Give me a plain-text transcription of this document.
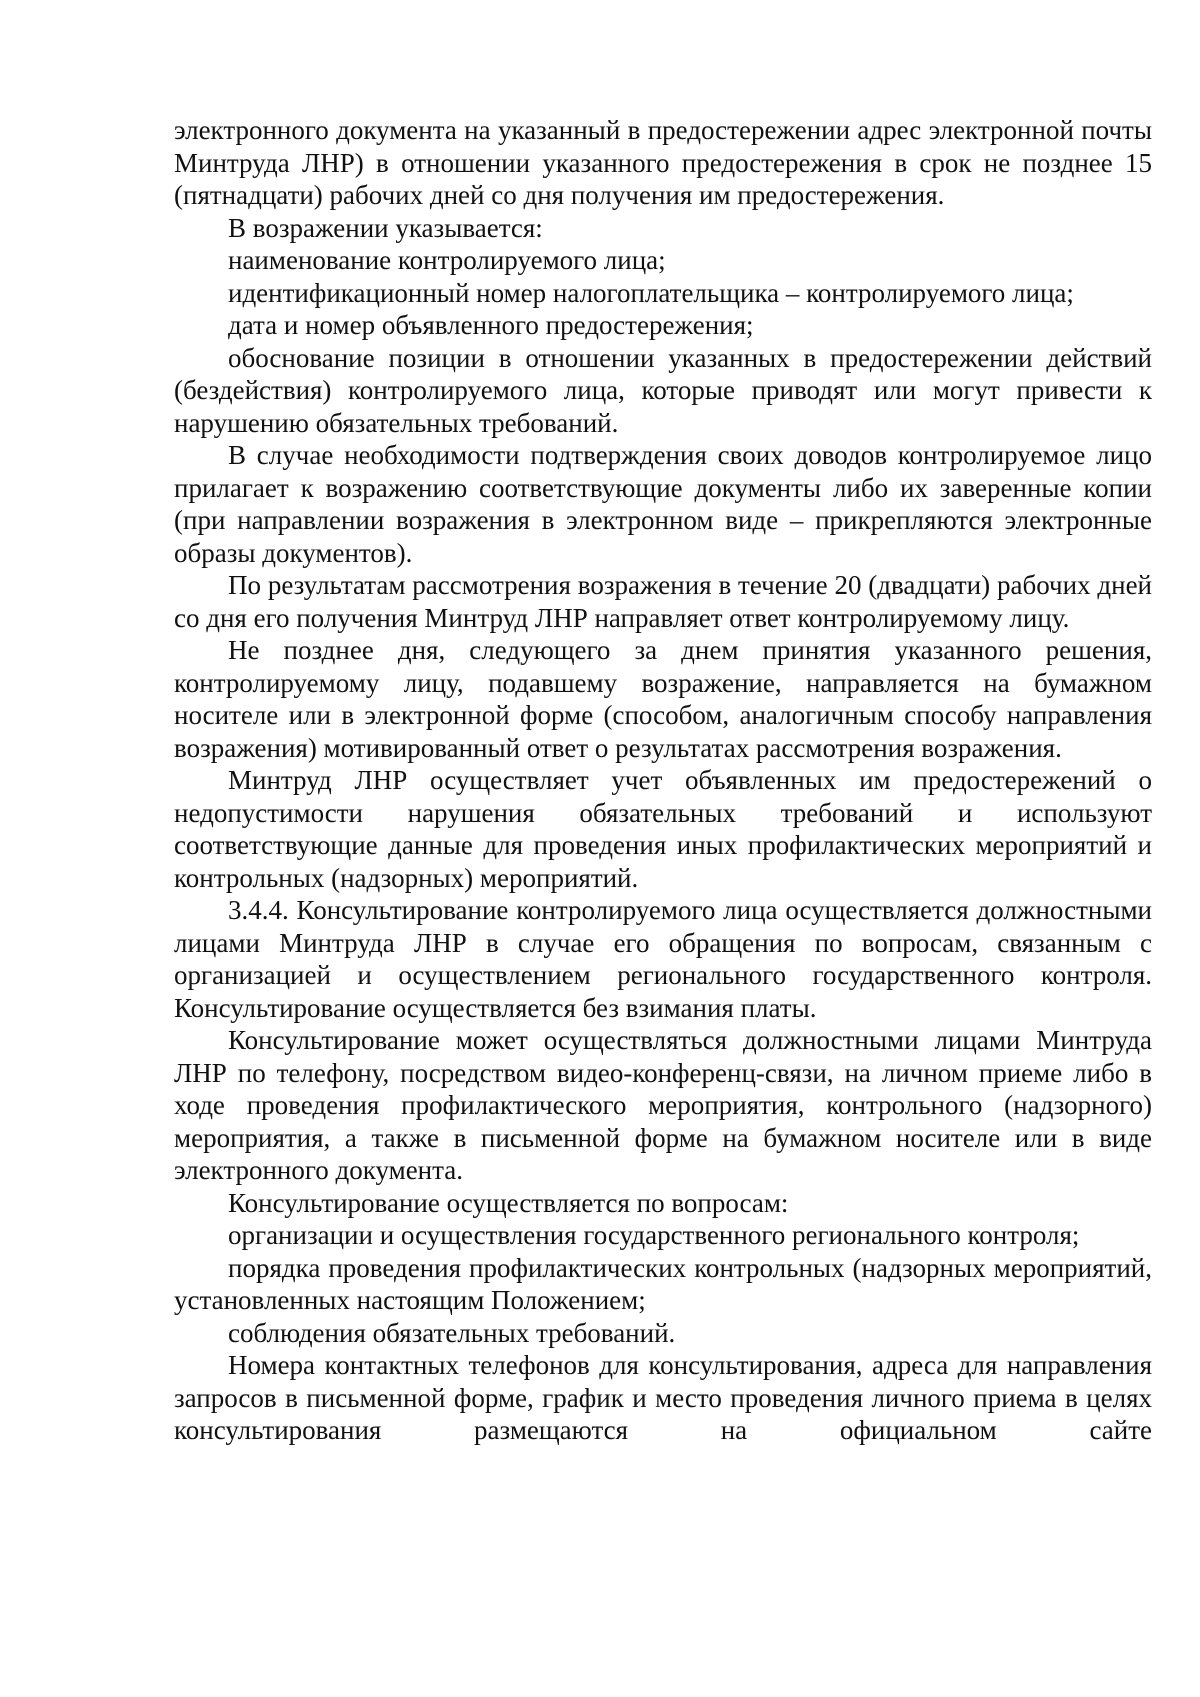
электронного документа на указанный в предостережении адрес электронной почты Минтруда ЛНР) в отношении указанного предостережения в срок не позднее 15 (пятнадцати) рабочих дней со дня получения им предостережения.

В возражении указывается:

наименование контролируемого лица;

идентификационный номер налогоплательщика – контролируемого лица;

дата и номер объявленного предостережения;

обоснование позиции в отношении указанных в предостережении действий (бездействия) контролируемого лица, которые приводят или могут привести к нарушению обязательных требований.

В случае необходимости подтверждения своих доводов контролируемое лицо прилагает к возражению соответствующие документы либо их заверенные копии (при направлении возражения в электронном виде – прикрепляются электронные образы документов).

По результатам рассмотрения возражения в течение 20 (двадцати) рабочих дней со дня его получения Минтруд ЛНР направляет ответ контролируемому лицу.

Не позднее дня, следующего за днем принятия указанного решения, контролируемому лицу, подавшему возражение, направляется на бумажном носителе или в электронной форме (способом, аналогичным способу направления возражения) мотивированный ответ о результатах рассмотрения возражения.

Минтруд ЛНР осуществляет учет объявленных им предостережений о недопустимости нарушения обязательных требований и используют соответствующие данные для проведения иных профилактических мероприятий и контрольных (надзорных) мероприятий.

3.4.4. Консультирование контролируемого лица осуществляется должностными лицами Минтруда ЛНР в случае его обращения по вопросам, связанным с организацией и осуществлением регионального государственного контроля. Консультирование осуществляется без взимания платы.

Консультирование может осуществляться должностными лицами Минтруда ЛНР по телефону, посредством видео-конференц-связи, на личном приеме либо в ходе проведения профилактического мероприятия, контрольного (надзорного) мероприятия, а также в письменной форме на бумажном носителе или в виде электронного документа.

Консультирование осуществляется по вопросам:

организации и осуществления государственного регионального контроля;

порядка проведения профилактических контрольных (надзорных мероприятий, установленных настоящим Положением;

соблюдения обязательных требований.

Номера контактных телефонов для консультирования, адреса для направления запросов в письменной форме, график и место проведения личного приема в целях консультирования размещаются на официальном сайте
